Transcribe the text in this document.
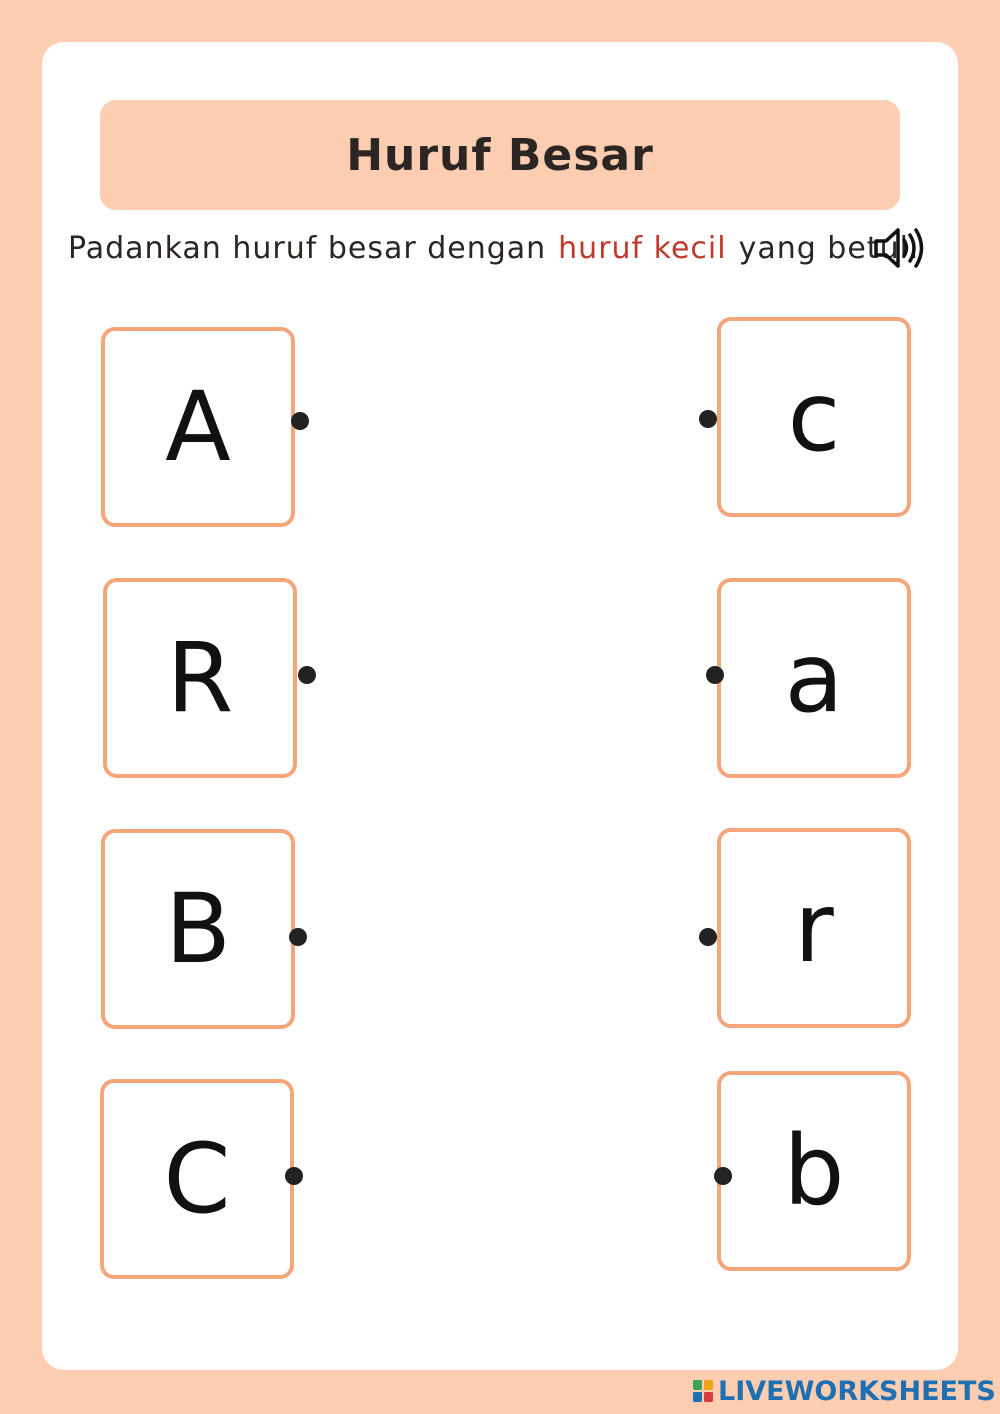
Huruf Besar
Padankan huruf besar dengan huruf kecil yang betul.
A
R
B
C
c
a
r
b
LIVEWORKSHEETS
